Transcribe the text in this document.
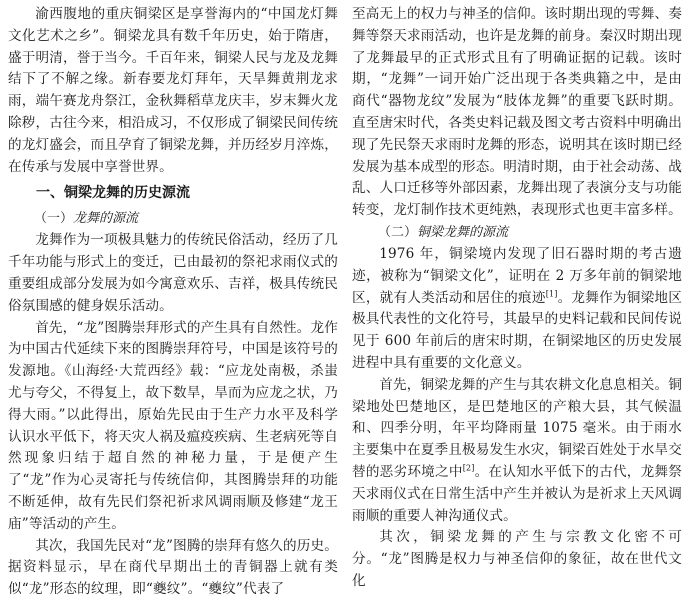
渝西腹地的重庆铜梁区是享誉海内的“中国龙灯舞文化艺术之乡”。铜梁龙具有数千年历史，始于隋唐，盛于明清，誉于当今。千百年来，铜梁人民与龙及龙舞结下了不解之缘。新春要龙灯拜年，天旱舞黄荆龙求雨，端午赛龙舟祭江，金秋舞稻草龙庆丰，岁末舞火龙除秽，古往今来，相沿成习，不仅形成了铜梁民间传统的龙灯盛会，而且孕育了铜梁龙舞，并历经岁月淬炼，在传承与发展中享誉世界。

一、铜梁龙舞的历史源流
（一）龙舞的源流

龙舞作为一项极具魅力的传统民俗活动，经历了几千年功能与形式上的变迁，已由最初的祭祀求雨仪式的重要组成部分发展为如今寓意欢乐、吉祥，极具传统民俗氛围感的健身娱乐活动。

首先，“龙”图腾崇拜形式的产生具有自然性。龙作为中国古代延续下来的图腾崇拜符号，中国是该符号的发源地。《山海经·大荒西经》载：“应龙处南极，杀蚩尤与夸父，不得复上，故下数旱，旱而为应龙之状，乃得大雨。”以此得出，原始先民由于生产力水平及科学认识水平低下，将天灾人祸及瘟疫疾病、生老病死等自然现象归结于超自然的神秘力量，于是便产生了“龙”作为心灵寄托与传统信仰，其图腾崇拜的功能不断延伸，故有先民们祭祀祈求风调雨顺及修建“龙王庙”等活动的产生。

其次，我国先民对“龙”图腾的崇拜有悠久的历史。据资料显示，早在商代早期出土的青铜器上就有类似“龙”形态的纹理，即“夔纹”。“夔纹”代表了

至高无上的权力与神圣的信仰。该时期出现的雩舞、奏舞等祭天求雨活动，也许是龙舞的前身。秦汉时期出现了龙舞最早的正式形式且有了明确证据的记载。该时期，“龙舞”一词开始广泛出现于各类典籍之中，是由商代“器物龙纹”发展为“肢体龙舞”的重要飞跃时期。直至唐宋时代，各类史料记载及图文考古资料中明确出现了先民祭天求雨时龙舞的形态，说明其在该时期已经发展为基本成型的形态。明清时期，由于社会动荡、战乱、人口迁移等外部因素，龙舞出现了表演分支与功能转变，龙灯制作技术更纯熟，表现形式也更丰富多样。

（二）铜梁龙舞的源流

1976 年，铜梁境内发现了旧石器时期的考古遗迹，被称为“铜梁文化”，证明在 2 万多年前的铜梁地区，就有人类活动和居住的痕迹[1]。龙舞作为铜梁地区极具代表性的文化符号，其最早的史料记载和民间传说见于 600 年前后的唐宋时期，在铜梁地区的历史发展进程中具有重要的文化意义。

首先，铜梁龙舞的产生与其农耕文化息息相关。铜梁地处巴楚地区，是巴楚地区的产粮大县，其气候温和、四季分明，年平均降雨量 1075 毫米。由于雨水主要集中在夏季且极易发生水灾，铜梁百姓处于水旱交替的恶劣环境之中[2]。在认知水平低下的古代，龙舞祭天求雨仪式在日常生活中产生并被认为是祈求上天风调雨顺的重要人神沟通仪式。

其次，铜梁龙舞的产生与宗教文化密不可分。“龙”图腾是权力与神圣信仰的象征，故在世代文化
